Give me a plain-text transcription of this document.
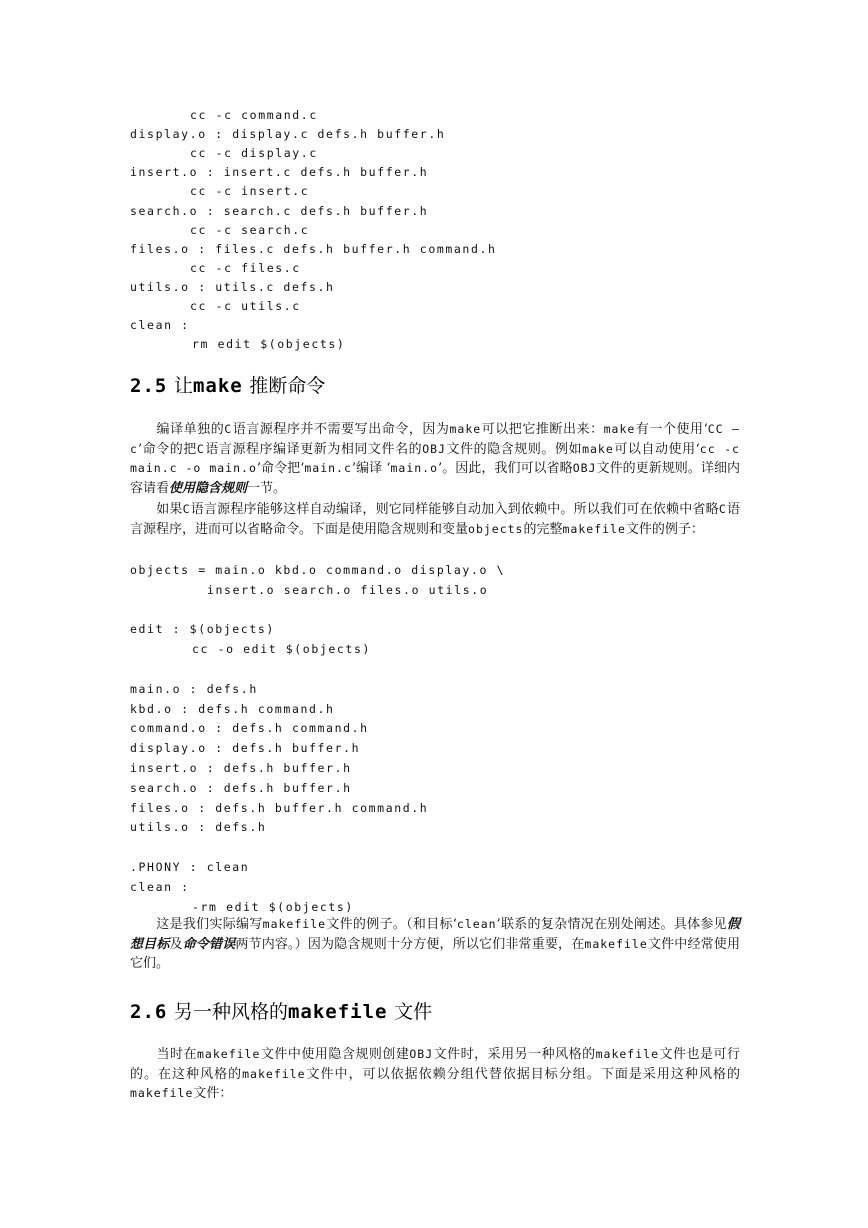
cc -c command.c
display.o : display.c defs.h buffer.h
cc -c display.c
insert.o : insert.c defs.h buffer.h
cc -c insert.c
search.o : search.c defs.h buffer.h
cc -c search.c
files.o : files.c defs.h buffer.h command.h
cc -c files.c
utils.o : utils.c defs.h
cc -c utils.c
clean :
rm edit $(objects)
2.5 让make 推断命令
编译单独的C语言源程序并不需要写出命令，因为make可以把它推断出来：make有一个使用‘CC –c’命令的把C语言源程序编译更新为相同文件名的OBJ文件的隐含规则。例如make可以自动使用‘cc -c main.c -o main.o’命令把‘main.c’编译 ‘main.o’。因此，我们可以省略OBJ文件的更新规则。详细内容请看使用隐含规则一节。
如果C语言源程序能够这样自动编译，则它同样能够自动加入到依赖中。所以我们可在依赖中省略C语言源程序，进而可以省略命令。下面是使用隐含规则和变量objects的完整makefile文件的例子：
objects = main.o kbd.o command.o display.o \
insert.o search.o files.o utils.o
edit : $(objects)
cc -o edit $(objects)
main.o : defs.h
kbd.o : defs.h command.h
command.o : defs.h command.h
display.o : defs.h buffer.h
insert.o : defs.h buffer.h
search.o : defs.h buffer.h
files.o : defs.h buffer.h command.h
utils.o : defs.h
.PHONY : clean
clean :
-rm edit $(objects)
这是我们实际编写makefile文件的例子。（和目标‘clean’联系的复杂情况在别处阐述。具体参见假想目标及命令错误两节内容。）因为隐含规则十分方便，所以它们非常重要，在makefile文件中经常使用它们。
2.6 另一种风格的makefile 文件
当时在makefile文件中使用隐含规则创建OBJ文件时，采用另一种风格的makefile文件也是可行的。在这种风格的makefile文件中，可以依据依赖分组代替依据目标分组。下面是采用这种风格的makefile文件：
